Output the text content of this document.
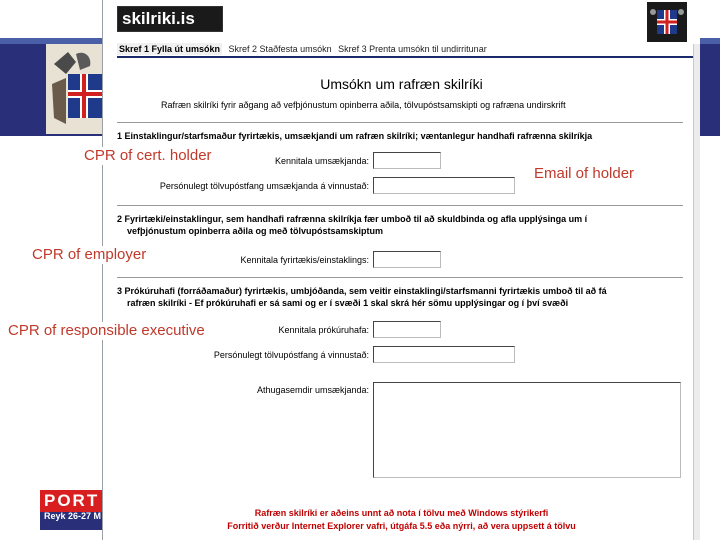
PORT
Reyk 26-27 M
skilriki.is
Skref 1 Fylla út umsókn Skref 2 Staðfesta umsókn Skref 3 Prenta umsókn til undirritunar
Umsókn um rafræn skilríki
Rafræn skilríki fyrir aðgang að vefþjónustum opinberra aðila, tölvupóstsamskipti og rafræna undirskrift
1 Einstaklingur/starfsmaður fyrirtækis, umsækjandi um rafræn skilríki; væntanlegur handhafi rafrænna skilríkja
Kennitala umsækjanda:
Persónulegt tölvupóstfang umsækjanda á vinnustað:
2 Fyrirtæki/einstaklingur, sem handhafi rafrænna skilríkja fær umboð til að skuldbinda og afla upplýsinga um í
vefþjónustum opinberra aðila og með tölvupóstsamskiptum
Kennitala fyrirtækis/einstaklings:
3 Prókúruhafi (forráðamaður) fyrirtækis, umbjóðanda, sem veitir einstaklingi/starfsmanni fyrirtækis umboð til að fá
rafræn skilríki - Ef prókúruhafi er sá sami og er í svæði 1 skal skrá hér sömu upplýsingar og í því svæði
Kennitala prókúruhafa:
Persónulegt tölvupóstfang á vinnustað:
Athugasemdir umsækjanda:
Rafræn skilríki er aðeins unnt að nota í tölvu með Windows stýrikerfi
Forritið verður Internet Explorer vafri, útgáfa 5.5 eða nýrri, að vera uppsett á tölvu
CPR of cert. holder
Email of holder
CPR of employer
CPR of responsible executive
